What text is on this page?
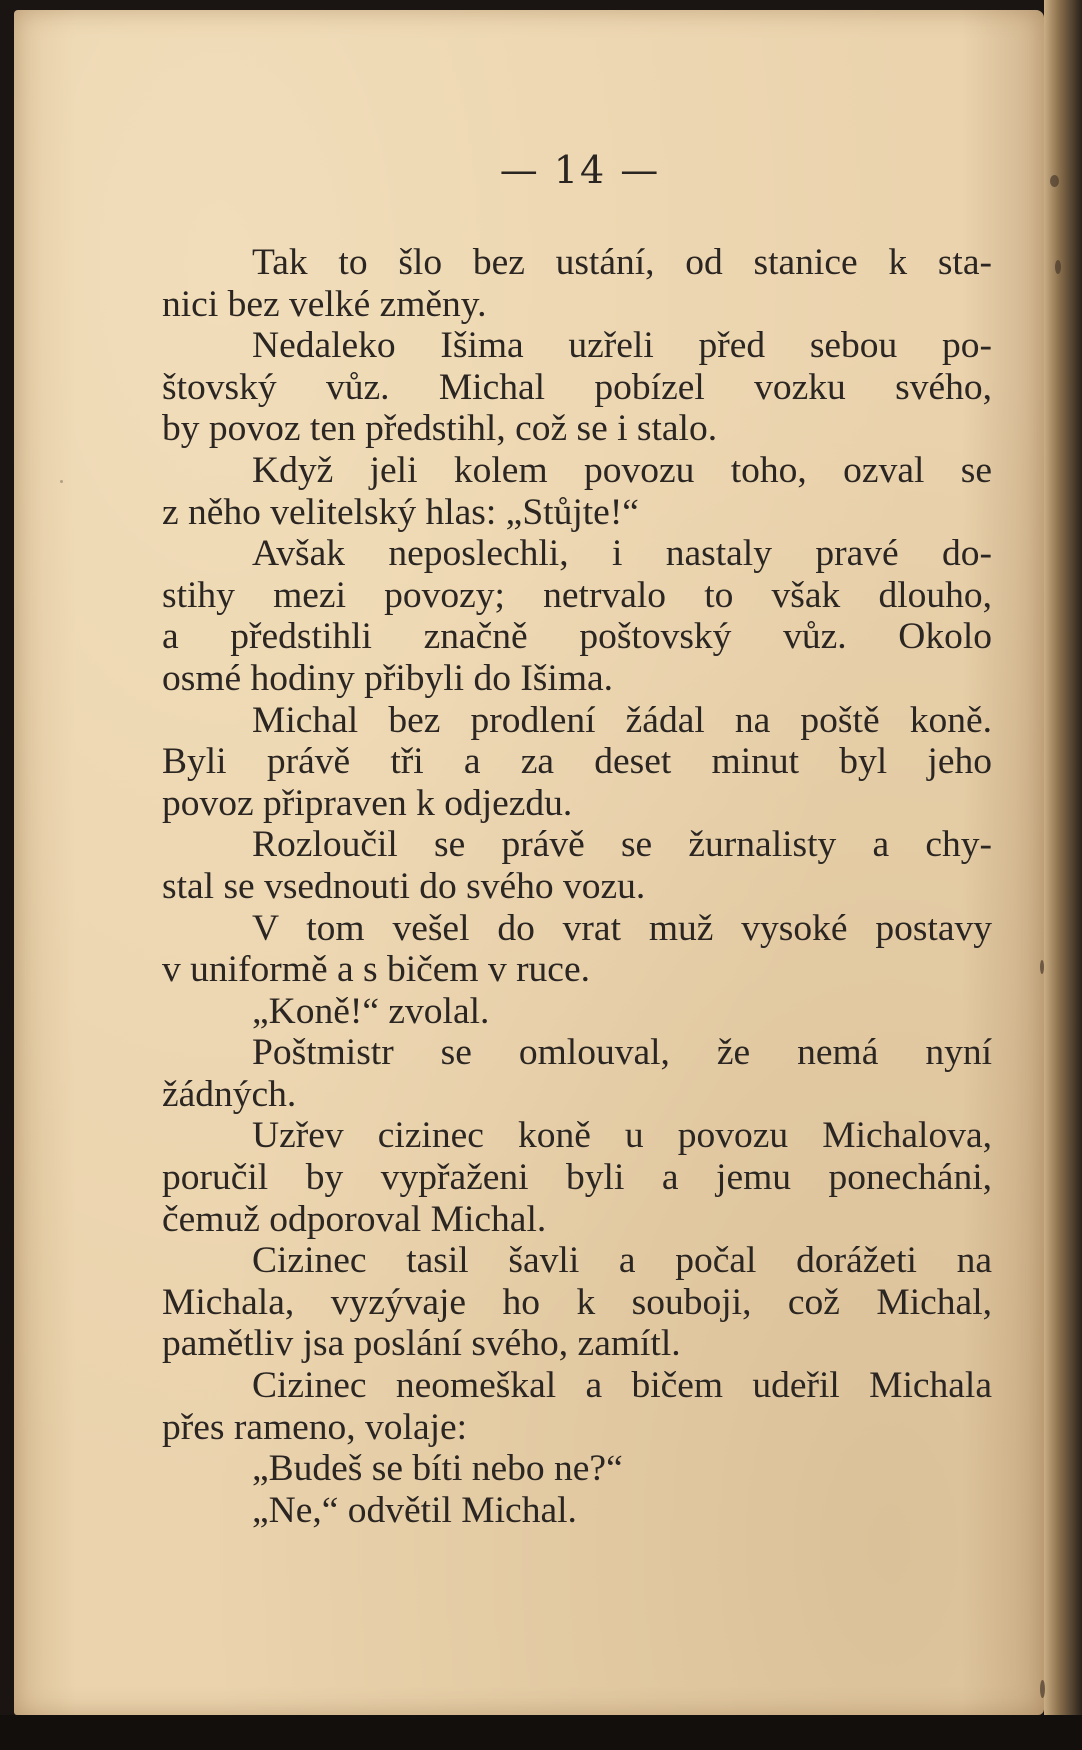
— 14 —
Tak to šlo bez ustání, od stanice k sta-
nici bez velké změny.
Nedaleko Išima uzřeli před sebou po-
štovský vůz. Michal pobízel vozku svého,
by povoz ten předstihl, což se i stalo.
Když jeli kolem povozu toho, ozval se
z něho velitelský hlas: „Stůjte!“
Avšak neposlechli, i nastaly pravé do-
stihy mezi povozy; netrvalo to však dlouho,
a předstihli značně poštovský vůz. Okolo
osmé hodiny přibyli do Išima.
Michal bez prodlení žádal na poště koně.
Byli právě tři a za deset minut byl jeho
povoz připraven k odjezdu.
Rozloučil se právě se žurnalisty a chy-
stal se vsednouti do svého vozu.
V tom vešel do vrat muž vysoké postavy
v uniformě a s bičem v ruce.
„Koně!“ zvolal.
Poštmistr se omlouval, že nemá nyní
žádných.
Uzřev cizinec koně u povozu Michalova,
poručil by vypřaženi byli a jemu ponecháni,
čemuž odporoval Michal.
Cizinec tasil šavli a počal dorážeti na
Michala, vyzývaje ho k souboji, což Michal,
pamětliv jsa poslání svého, zamítl.
Cizinec neomeškal a bičem udeřil Michala
přes rameno, volaje:
„Budeš se bíti nebo ne?“
„Ne,“ odvětil Michal.
